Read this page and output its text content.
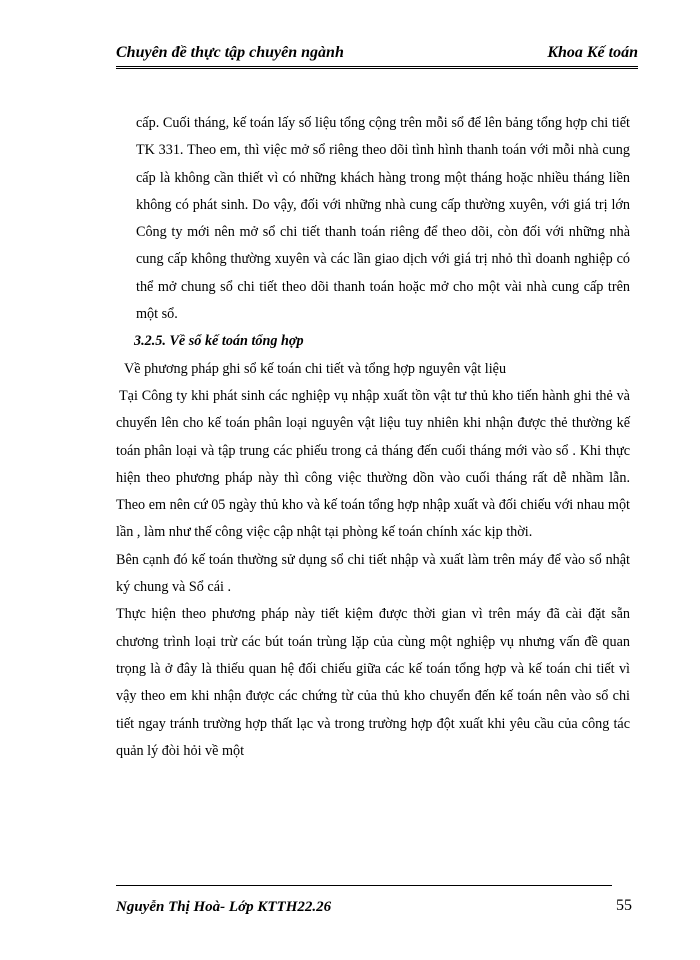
Chuyên đề thực tập chuyên ngành	Khoa Kế toán

cấp. Cuối tháng, kế toán lấy số liệu tổng cộng trên mỗi sổ để lên bảng tổng hợp chi tiết TK 331. Theo em, thì việc mở sổ riêng theo dõi tình hình thanh toán với mỗi nhà cung cấp là không cần thiết vì có những khách hàng trong một tháng hoặc nhiều tháng liền không có phát sinh. Do vậy, đối với những nhà cung cấp thường xuyên, với giá trị lớn Công ty mới nên mở sổ chi tiết thanh toán riêng để theo dõi, còn đối với những nhà cung cấp không thường xuyên và các lần giao dịch với giá trị nhỏ thì doanh nghiệp có thể mở chung sổ chi tiết theo dõi thanh toán hoặc mở cho một vài nhà cung cấp trên một sổ.

3.2.5. Về sổ kế toán tổng hợp

Về phương pháp ghi sổ kế toán chi tiết và tổng hợp nguyên vật liệu

Tại Công ty khi phát sinh các nghiệp vụ nhập xuất tồn vật tư thủ kho tiến hành ghi thẻ và chuyển lên cho kế toán phân loại nguyên vật liệu tuy nhiên khi nhận được thẻ thường kế toán phân loại và tập trung các phiếu trong cả tháng đến cuối tháng mới vào sổ . Khi thực hiện theo phương pháp này thì công việc thường dồn vào cuối tháng rất dễ nhầm lẫn. Theo em nên cứ 05 ngày thủ kho và kế toán tổng hợp nhập xuất và đối chiếu với nhau một lần , làm như thế công việc cập nhật tại phòng kế toán chính xác kịp thời.

Bên cạnh đó kế toán thường sử dụng sổ chi tiết nhập và xuất làm trên máy để vào sổ nhật ký chung và Sổ cái .

Thực hiện theo phương pháp này tiết kiệm được thời gian vì trên máy đã cài đặt sẵn chương trình loại trừ các bút toán trùng lặp của cùng một nghiệp vụ nhưng vấn đề quan trọng là ở đây là thiếu quan hệ đối chiếu giữa các kế toán tổng hợp và kế toán chi tiết vì vậy theo em khi nhận được các chứng từ của thủ kho chuyển đến kế toán nên vào sổ chi tiết ngay tránh trường hợp thất lạc và trong trường hợp đột xuất khi yêu cầu của công tác quản lý đòi hỏi về một

Nguyễn Thị Hoà- Lớp KTTH22.26	55
